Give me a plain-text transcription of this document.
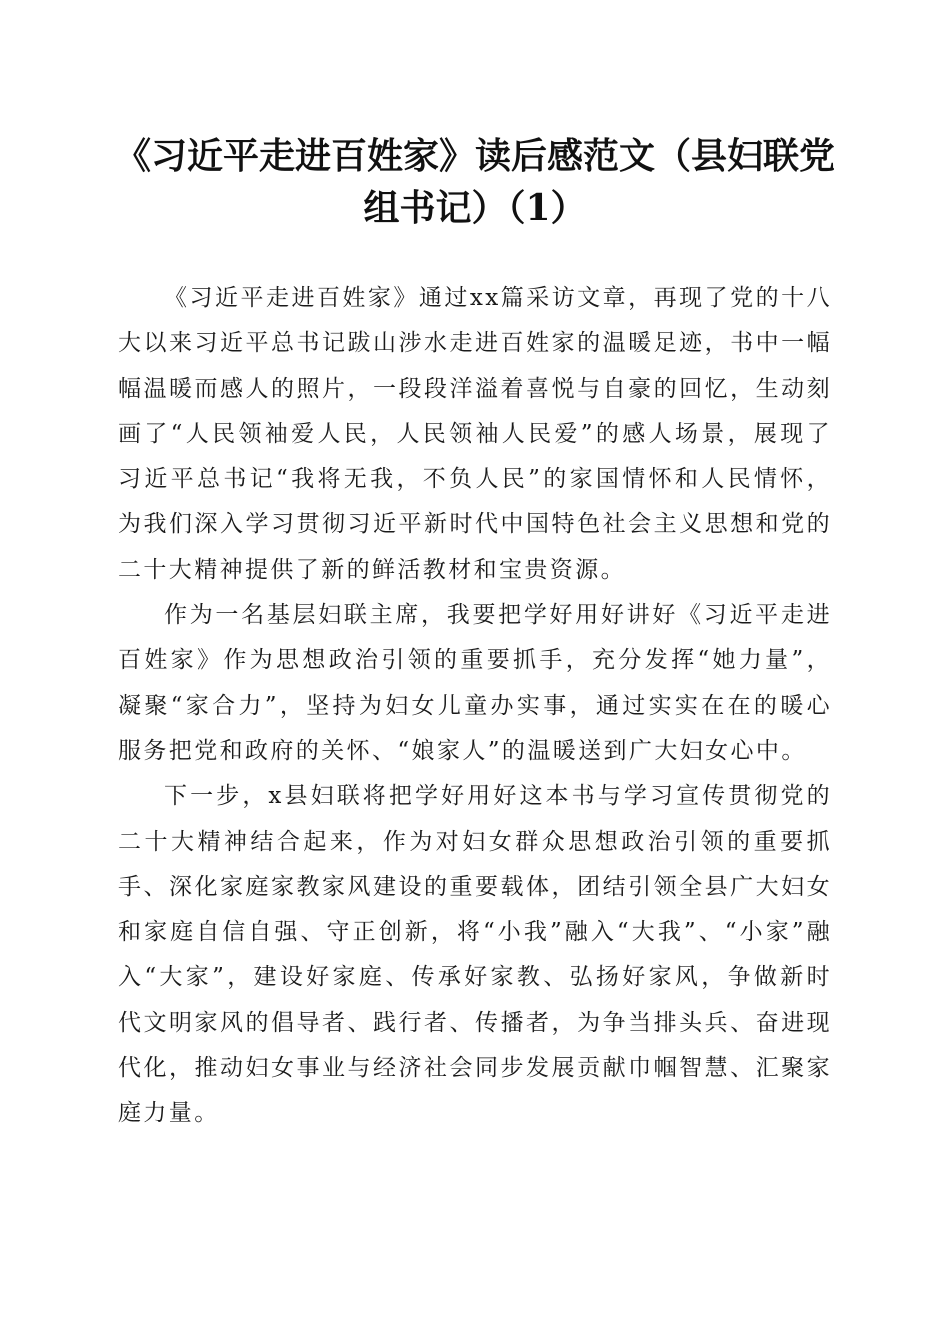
《习近平走进百姓家》读后感范文（县妇联党组书记）（1）

《习近平走进百姓家》通过xx篇采访文章，再现了党的十八大以来习近平总书记跋山涉水走进百姓家的温暖足迹，书中一幅幅温暖而感人的照片，一段段洋溢着喜悦与自豪的回忆，生动刻画了“人民领袖爱人民，人民领袖人民爱”的感人场景，展现了习近平总书记“我将无我，不负人民”的家国情怀和人民情怀，为我们深入学习贯彻习近平新时代中国特色社会主义思想和党的二十大精神提供了新的鲜活教材和宝贵资源。

作为一名基层妇联主席，我要把学好用好讲好《习近平走进百姓家》作为思想政治引领的重要抓手，充分发挥“她力量”，凝聚“家合力”，坚持为妇女儿童办实事，通过实实在在的暖心服务把党和政府的关怀、“娘家人”的温暖送到广大妇女心中。

下一步，x县妇联将把学好用好这本书与学习宣传贯彻党的二十大精神结合起来，作为对妇女群众思想政治引领的重要抓手、深化家庭家教家风建设的重要载体，团结引领全县广大妇女和家庭自信自强、守正创新，将“小我”融入“大我”、“小家”融入“大家”，建设好家庭、传承好家教、弘扬好家风，争做新时代文明家风的倡导者、践行者、传播者，为争当排头兵、奋进现代化，推动妇女事业与经济社会同步发展贡献巾帼智慧、汇聚家庭力量。
